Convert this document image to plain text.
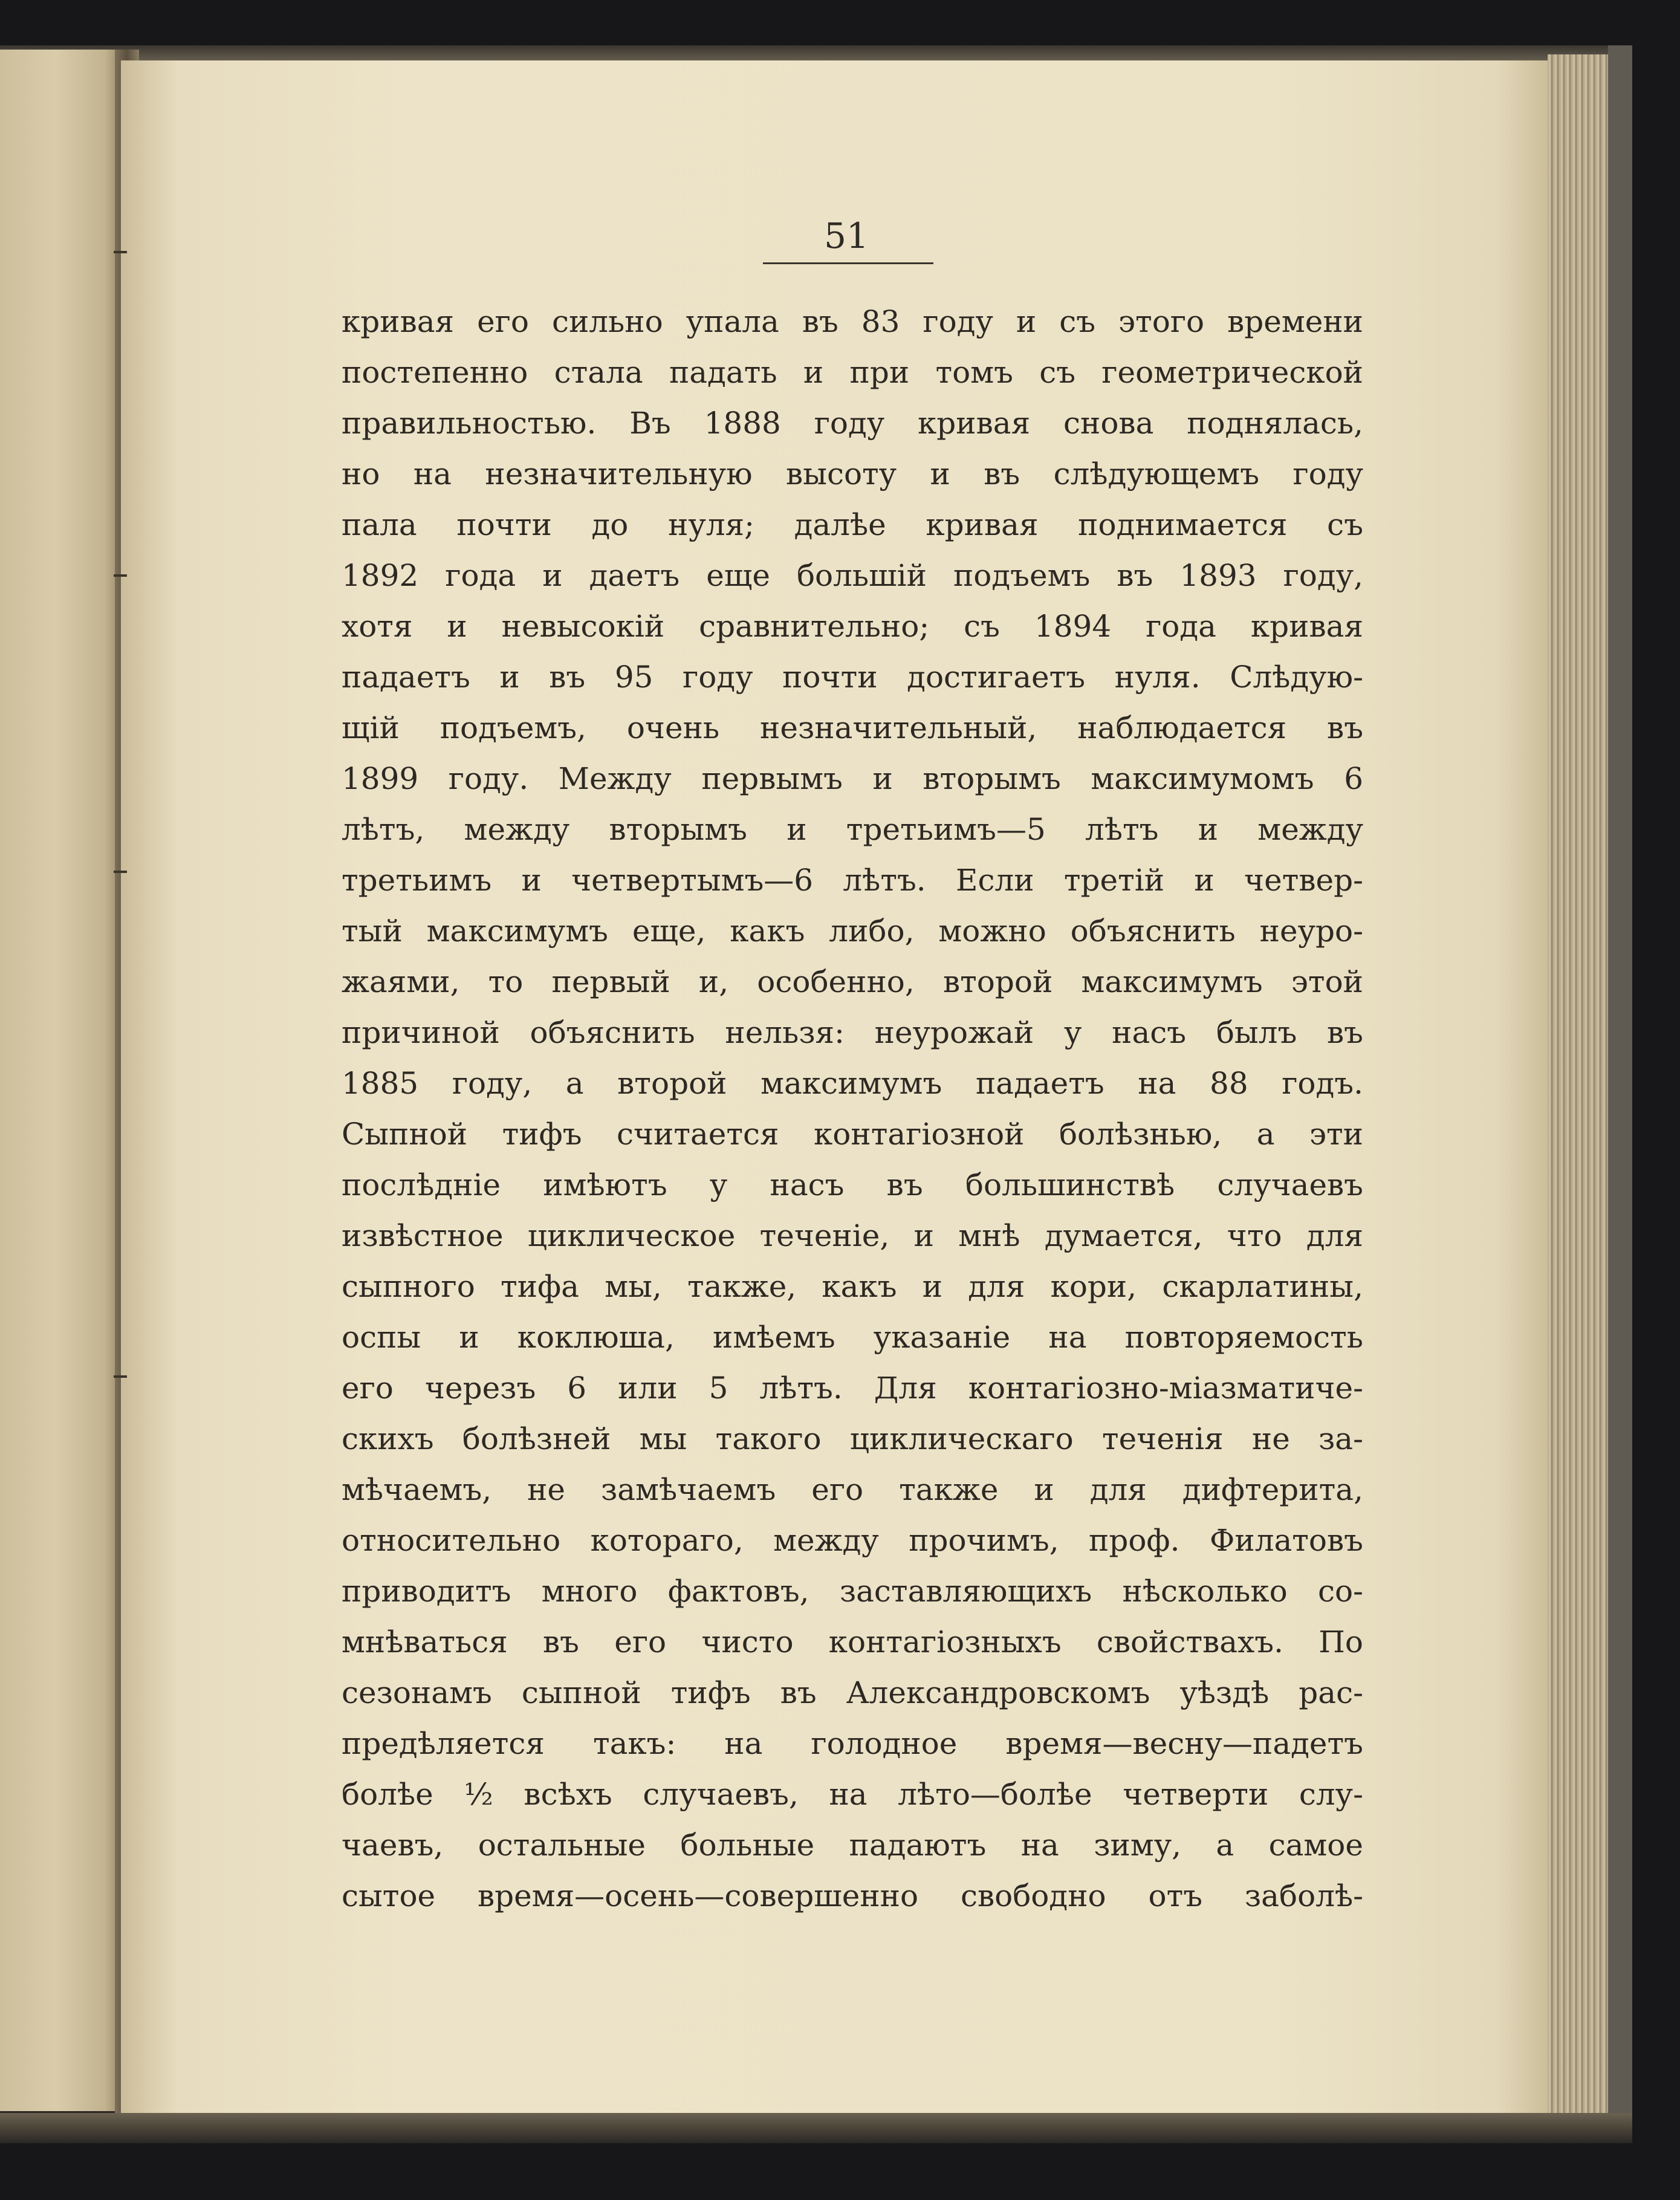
51
кривая его сильно упала въ 83 году и съ этого времени
постепенно стала падать и при томъ съ геометрической
правильностью. Въ 1888 году кривая снова поднялась,
но на незначительную высоту и въ слѣдующемъ году
пала почти до нуля; далѣе кривая поднимается съ
1892 года и даетъ еще большій подъемъ въ 1893 году,
хотя и невысокій сравнительно; съ 1894 года кривая
падаетъ и въ 95 году почти достигаетъ нуля. Слѣдую-
щій подъемъ, очень незначительный, наблюдается въ
1899 году. Между первымъ и вторымъ максимумомъ 6
лѣтъ, между вторымъ и третьимъ—5 лѣтъ и между
третьимъ и четвертымъ—6 лѣтъ. Если третій и четвер-
тый максимумъ еще, какъ либо, можно объяснить неуро-
жаями, то первый и, особенно, второй максимумъ этой
причиной объяснить нельзя: неурожай у насъ былъ въ
1885 году, а второй максимумъ падаетъ на 88 годъ.
Сыпной тифъ считается контагіозной болѣзнью, а эти
послѣдніе имѣютъ у насъ въ большинствѣ случаевъ
извѣстное циклическое теченіе, и мнѣ думается, что для
сыпного тифа мы, также, какъ и для кори, скарлатины,
оспы и коклюша, имѣемъ указаніе на повторяемость
его черезъ 6 или 5 лѣтъ. Для контагіозно-міазматиче-
скихъ болѣзней мы такого циклическаго теченія не за-
мѣчаемъ, не замѣчаемъ его также и для дифтерита,
относительно котораго, между прочимъ, проф. Филатовъ
приводитъ много фактовъ, заставляющихъ нѣсколько со-
мнѣваться въ его чисто контагіозныхъ свойствахъ. По
сезонамъ сыпной тифъ въ Александровскомъ уѣздѣ рас-
предѣляется такъ: на голодное время—весну—падетъ
болѣе ½ всѣхъ случаевъ, на лѣто—болѣе четверти слу-
чаевъ, остальные больные падаютъ на зиму, а самое
сытое время—осень—совершенно свободно отъ заболѣ-
